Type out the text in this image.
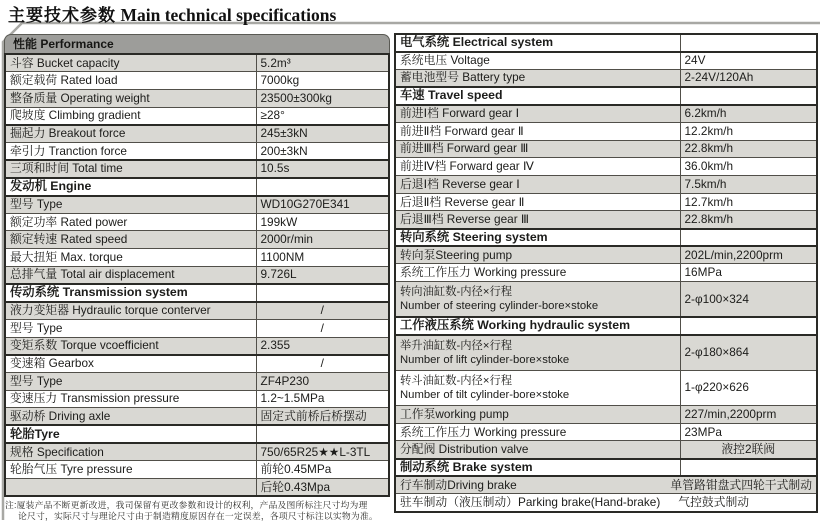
主要技术参数 Main technical specifications
性能 Performance
斗容 Bucket capacity	5.2m³
额定载荷 Rated load	7000kg
整备质量 Operating weight	23500±300kg
爬坡度 Climbing gradient	≥28°
掘起力 Breakout force	245±3kN
牵引力 Tranction force	200±3kN
三项和时间 Total time	10.5s
发动机 Engine	
型号 Type	WD10G270E341
额定功率 Rated power	199kW
额定转速 Rated speed	2000r/min
最大扭矩 Max. torque	1100NM
总排气量 Total air displacement	9.726L
传动系统 Transmission system	
液力变矩器 Hydraulic torque conterver	/
型号 Type	/
变矩系数 Torque vcoefficient	2.355
变速箱 Gearbox	/
型号 Type	ZF4P230
变速压力 Transmission pressure	1.2~1.5MPa
驱动桥 Driving axle	固定式前桥后桥摆动
轮胎Tyre	
规格 Specification	750/65R25★★L-3TL
轮胎气压 Tyre pressure	前轮0.45MPa
	后轮0.43Mpa
电气系统 Electrical system	
系统电压 Voltage	24V
蓄电池型号 Battery type	2-24V/120Ah
车速 Travel speed	
前进Ⅰ档 Forward gear Ⅰ	6.2km/h
前进Ⅱ档 Forward gear Ⅱ	12.2km/h
前进Ⅲ档 Forward gear Ⅲ	22.8km/h
前进Ⅳ档 Forward gear Ⅳ	36.0km/h
后退Ⅰ档 Reverse gear Ⅰ	7.5km/h
后退Ⅱ档 Reverse gear Ⅱ	12.7km/h
后退Ⅲ档 Reverse gear Ⅲ	22.8km/h
转向系统 Steering system	
转向泵Steering pump	202L/min,2200prm
系统工作压力 Working pressure	16MPa

转向油缸数-内径×行程
Number of steering cylinder-bore×stoke	2-φ100×324
工作液压系统 Working hydraulic system	

举升油缸数-内径×行程
Number of lift cylinder-bore×stoke	2-φ180×864

转斗油缸数-内径×行程
Number of tilt cylinder-bore×stoke	1-φ220×626
工作泵working pump	227/min,2200prm
系统工作压力 Working pressure	23MPa
分配阀 Distribution valve	液控2联阀
制动系统 Brake system	

行车制动Driving brake 单管路钳盘式四轮干式制动	

驻车制动（液压制动）Parking brake(Hand-brake) 气控鼓式制动	
注:厦装产品不断更新改进，我司保留有更改参数和设计的权利，产品及图所标注尺寸均为理
论尺寸，实际尺寸与理论尺寸由于制造精度原因存在一定误差，各项尺寸标注以实物为准。
